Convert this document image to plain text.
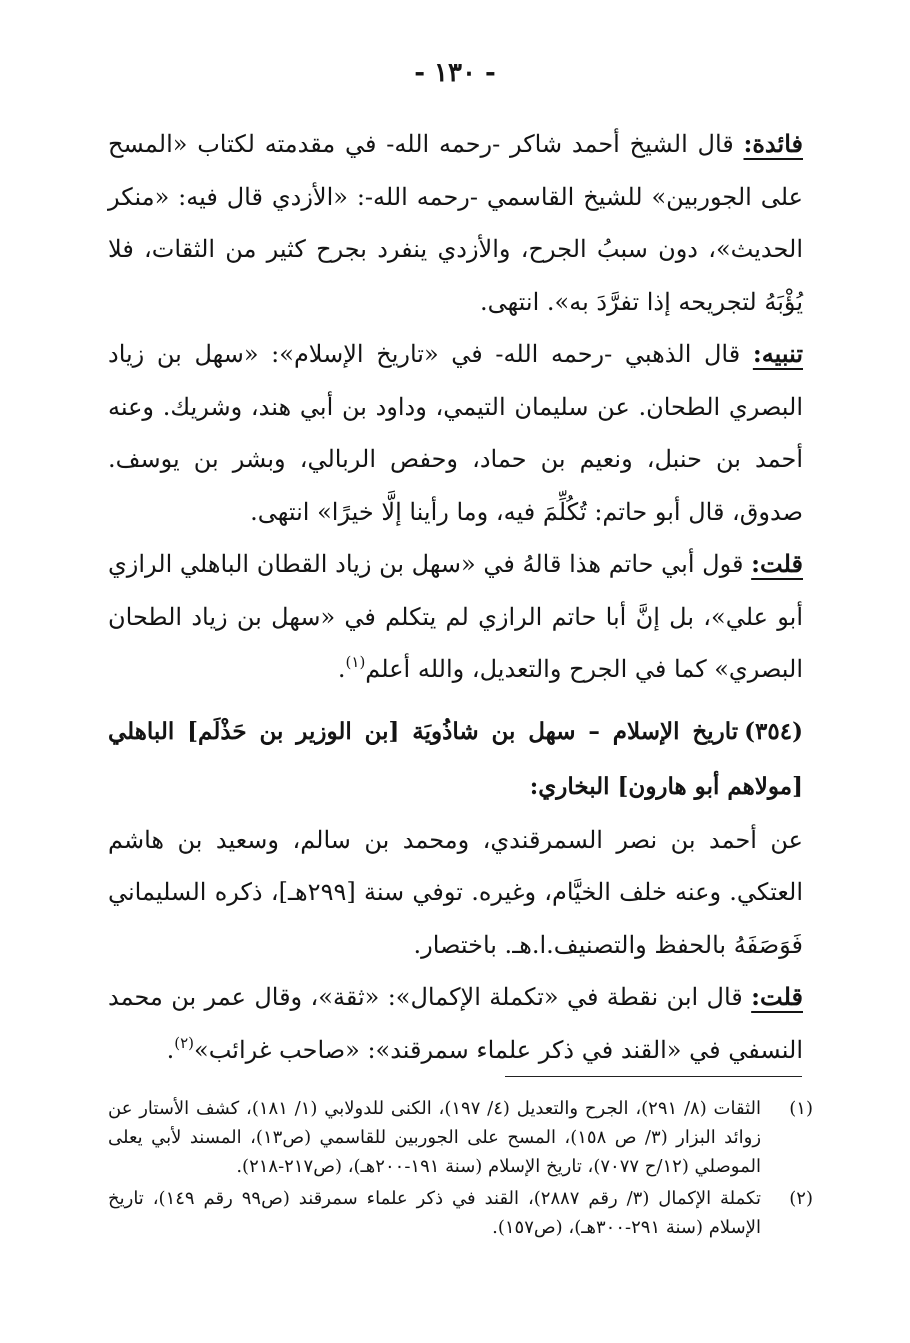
- ١٣٠ -

فائدة: قال الشيخ أحمد شاكر -رحمه الله- في مقدمته لكتاب «المسح على الجوربين» للشيخ القاسمي -رحمه الله-: «الأزدي قال فيه: «منكر الحديث»، دون سببُ الجرح، والأزدي ينفرد بجرح كثير من الثقات، فلا يُؤْبَهُ لتجريحه إذا تفرَّدَ به». انتهى.

تنبيه: قال الذهبي -رحمه الله- في «تاريخ الإسلام»: «سهل بن زياد البصري الطحان. عن سليمان التيمي، وداود بن أبي هند، وشريك. وعنه أحمد بن حنبل، ونعيم بن حماد، وحفص الربالي، وبشر بن يوسف. صدوق، قال أبو حاتم: تُكُلِّمَ فيه، وما رأينا إلَّا خيرًا» انتهى.

قلت: قول أبي حاتم هذا قالهُ في «سهل بن زياد القطان الباهلي الرازي أبو علي»، بل إنَّ أبا حاتم الرازي لم يتكلم في «سهل بن زياد الطحان البصري» كما في الجرح والتعديل، والله أعلم$^{(١)}$.

(٣٥٤)تاريخ الإسلام – سهل بن شاذُويَة [بن الوزير بن حَذْلَم] الباهلي [مولاهم أبو هارون] البخاري:

عن أحمد بن نصر السمرقندي، ومحمد بن سالم، وسعيد بن هاشم العتكي. وعنه خلف الخيَّام، وغيره. توفي سنة [٢٩٩هـ]، ذكره السليماني فَوَصَفَهُ بالحفظ والتصنيف.ا.هـ. باختصار.

قلت: قال ابن نقطة في «تكملة الإكمال»: «ثقة»، وقال عمر بن محمد النسفي في «القند في ذكر علماء سمرقند»: «صاحب غرائب»$^{(٢)}$.

(١)
الثقات (٨/ ٢٩١)، الجرح والتعديل (٤/ ١٩٧)، الكنى للدولابي (١/ ١٨١)، كشف الأستار عن زوائد البزار (٣/ ص ١٥٨)، المسح على الجوربين للقاسمي (ص١٣)، المسند لأبي يعلى الموصلي (١٢/ح ٧٠٧٧)، تاريخ الإسلام (سنة ١٩١-٢٠٠هـ)، (ص٢١٧-٢١٨).
(٢)
تكملة الإكمال (٣/ رقم ٢٨٨٧)، القند في ذكر علماء سمرقند (ص٩٩ رقم ١٤٩)، تاريخ الإسلام (سنة ٢٩١-٣٠٠هـ)، (ص١٥٧).
